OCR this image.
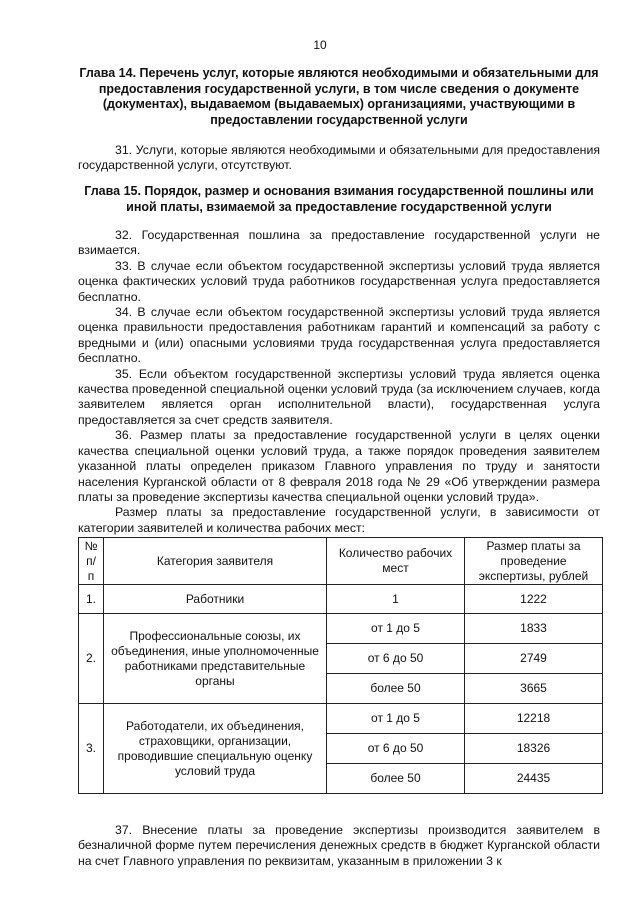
10
Глава 14. Перечень услуг, которые являются необходимыми и обязательными для предоставления государственной услуги, в том числе сведения о документе (документах), выдаваемом (выдаваемых) организациями, участвующими в предоставлении государственной услуги

31. Услуги, которые являются необходимыми и обязательными для предоставления государственной услуги, отсутствуют.

Глава 15. Порядок, размер и основания взимания государственной пошлины или иной платы, взимаемой за предоставление государственной услуги

32. Государственная пошлина за предоставление государственной услуги не взимается.

33. В случае если объектом государственной экспертизы условий труда является оценка фактических условий труда работников государственная услуга предоставляется бесплатно.

34. В случае если объектом государственной экспертизы условий труда является оценка правильности предоставления работникам гарантий и компенсаций за работу с вредными и (или) опасными условиями труда государственная услуга предоставляется бесплатно.

35. Если объектом государственной экспертизы условий труда является оценка качества проведенной специальной оценки условий труда (за исключением случаев, когда заявителем является орган исполнительной власти), государственная услуга предоставляется за счет средств заявителя.

36. Размер платы за предоставление государственной услуги в целях оценки качества специальной оценки условий труда, а также порядок проведения заявителем указанной платы определен приказом Главного управления по труду и занятости населения Курганской области от 8 февраля 2018 года № 29 «Об утверждении размера платы за проведение экспертизы качества специальной оценки условий труда».

Размер платы за предоставление государственной услуги, в зависимости от категории заявителей и количества рабочих мест:

№ п/п	Категория заявителя	Количество рабочих мест	Размер платы за проведение экспертизы, рублей
1.	Работники	1	1222
2.	Профессиональные союзы, их объединения, иные уполномоченные работниками представительные органы	от 1 до 5	1833
		от 6 до 50	2749
		более 50	3665
3.	Работодатели, их объединения, страховщики, организации, проводившие специальную оценку условий труда	от 1 до 5	12218
		от 6 до 50	18326
		более 50	24435

37. Внесение платы за проведение экспертизы производится заявителем в безналичной форме путем перечисления денежных средств в бюджет Курганской области на счет Главного управления по реквизитам, указанным в приложении 3 к
